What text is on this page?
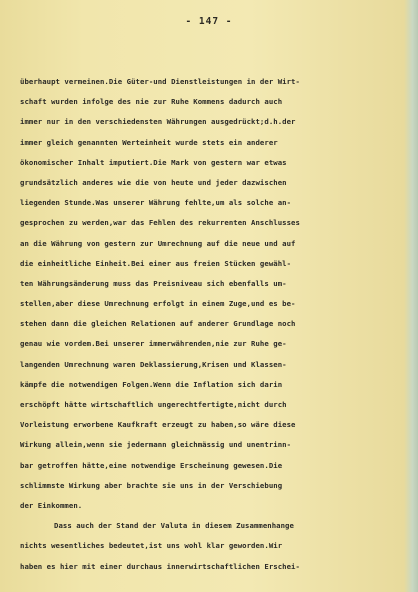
- 147 -
überhaupt vermeinen.Die Güter-und Dienstleistungen in der Wirt-
schaft wurden infolge des nie zur Ruhe Kommens dadurch auch
immer nur in den verschiedensten Währungen ausgedrückt;d.h.der
immer gleich genannten Werteinheit wurde stets ein anderer
ökonomischer Inhalt imputiert.Die Mark von gestern war etwas
grundsätzlich anderes wie die von heute und jeder dazwischen
liegenden Stunde.Was unserer Währung fehlte,um als solche an-
gesprochen zu werden,war das Fehlen des rekurrenten Anschlusses
an die Währung von gestern zur Umrechnung auf die neue und auf
die einheitliche Einheit.Bei einer aus freien Stücken gewähl-
ten Währungsänderung muss das Preisniveau sich ebenfalls um-
stellen,aber diese Umrechnung erfolgt in einem Zuge,und es be-
stehen dann die gleichen Relationen auf anderer Grundlage noch
genau wie vordem.Bei unserer immerwährenden,nie zur Ruhe ge-
langenden Umrechnung waren Deklassierung,Krisen und Klassen-
kämpfe die notwendigen Folgen.Wenn die Inflation sich darin
erschöpft hätte wirtschaftlich ungerechtfertigte,nicht durch
Vorleistung erworbene Kaufkraft erzeugt zu haben,so wäre diese
Wirkung allein,wenn sie jedermann gleichmässig und unentrinn-
bar getroffen hätte,eine notwendige Erscheinung gewesen.Die
schlimmste Wirkung aber brachte sie uns in der Verschiebung
der Einkommen.
Dass auch der Stand der Valuta in diesem Zusammenhange
nichts wesentliches bedeutet,ist uns wohl klar geworden.Wir
haben es hier mit einer durchaus innerwirtschaftlichen Erschei-
